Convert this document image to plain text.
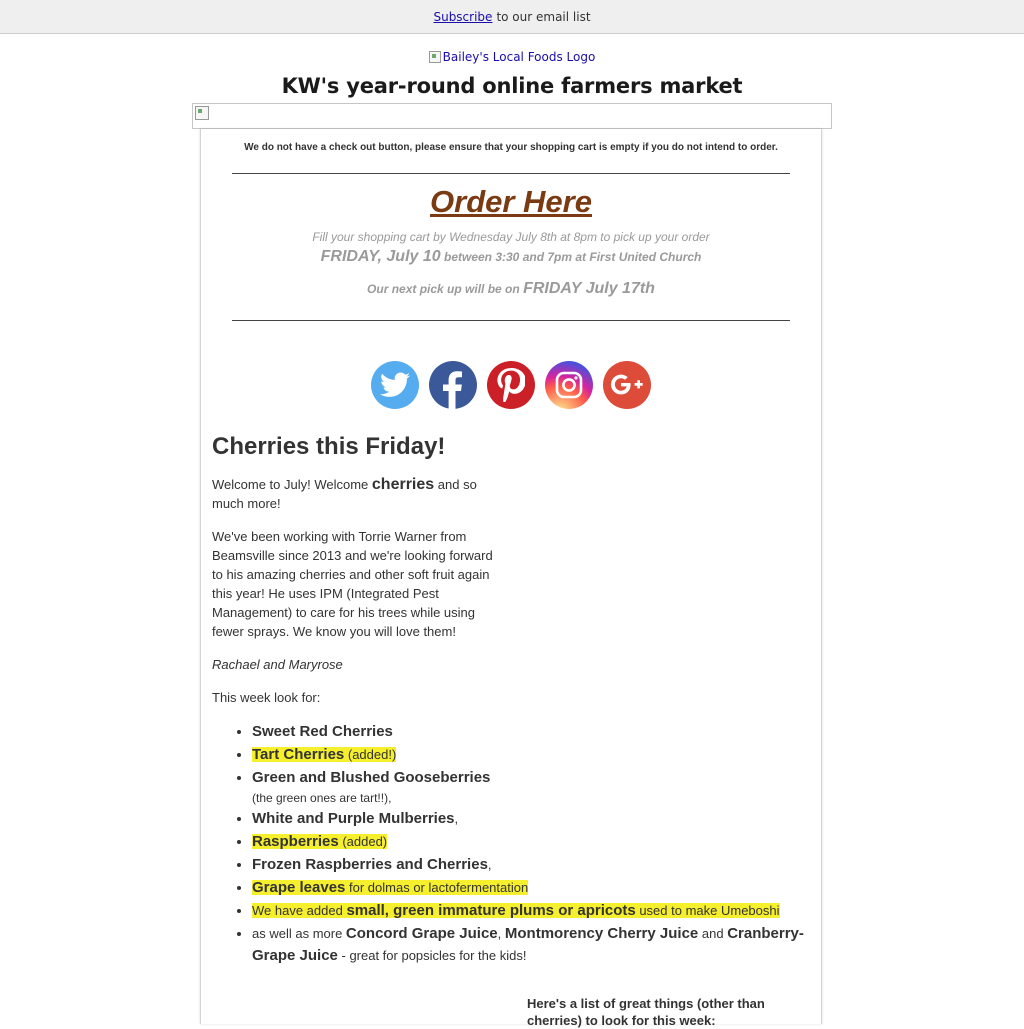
Subscribe to our email list
Bailey's Local Foods Logo
KW's year-round online farmers market
We do not have a check out button, please ensure that your shopping cart is empty if you do not intend to order.
Order Here
Fill your shopping cart by Wednesday July 8th at 8pm to pick up your order
FRIDAY, July 10 between 3:30 and 7pm at First United Church
Our next pick up will be on FRIDAY July 17th
Cherries this Friday!

Welcome to July! Welcome cherries and so much more!

We've been working with Torrie Warner from Beamsville since 2013 and we're looking forward to his amazing cherries and other soft fruit again this year! He uses IPM (Integrated Pest Management) to care for his trees while using fewer sprays. We know you will love them!

Rachael and Maryrose

This week look for:

• Sweet Red Cherries
• Tart Cherries (added!)
• Green and Blushed Gooseberries
(the green ones are tart!!),
• White and Purple Mulberries,
• Raspberries (added)
• Frozen Raspberries and Cherries,
• Grape leaves for dolmas or lactofermentation
• We have added small, green immature plums or apricots used to make Umeboshi
• as well as more Concord Grape Juice, Montmorency Cherry Juice and Cranberry-Grape Juice - great for popsicles for the kids!
Here's a list of great things (other than cherries) to look for this week:
